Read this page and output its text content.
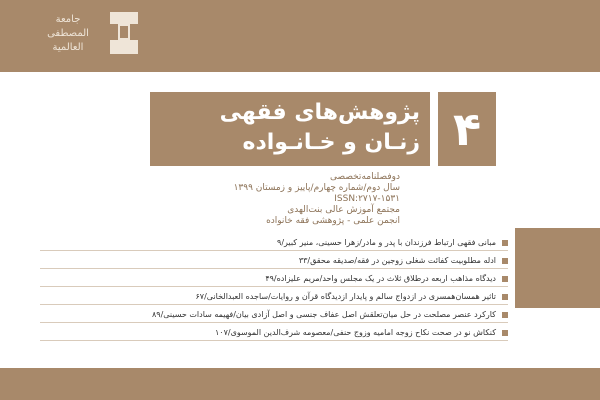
جامعة
المصطفى
العالمية
پژوهش‌های فقهی
زنـان و خـانـواده ۴
دوفصلنامه‌تخصصی
سال دوم/شماره چهارم/پاییز و زمستان ۱۳۹۹
ISSN:۲۷۱۷-۱۵۳۱
مجتمع آموزش عالی بنت‌الهدی
انجمن علمی - پژوهشی فقه خانواده
مبانی فقهی ارتباط فرزندان با پدر و مادر/زهرا حسینی، منیر کبیر/۹
ادله مطلوبیت کفائت شغلی زوجین در فقه/صدیقه محقق/۳۳
دیدگاه مذاهب اربعه درطلاق ثلاث در یک مجلس واحد/مریم علیزاده/۴۹
تاثیر همسان‌همسری در ازدواج سالم و پایدار ازدیدگاه قرآن و روایات/ساجده العبدالخانی/۶۷
کارکرد عنصر مصلحت در حل میان‌تعلقش اصل عفاف جنسی و اصل آزادی بیان/فهیمه سادات حسینی/۸۹
کنکاش نو در صحت نکاح زوجه امامیه وزوج حنفی/معصومه شرف‌الدین الموسوی/۱۰۷
